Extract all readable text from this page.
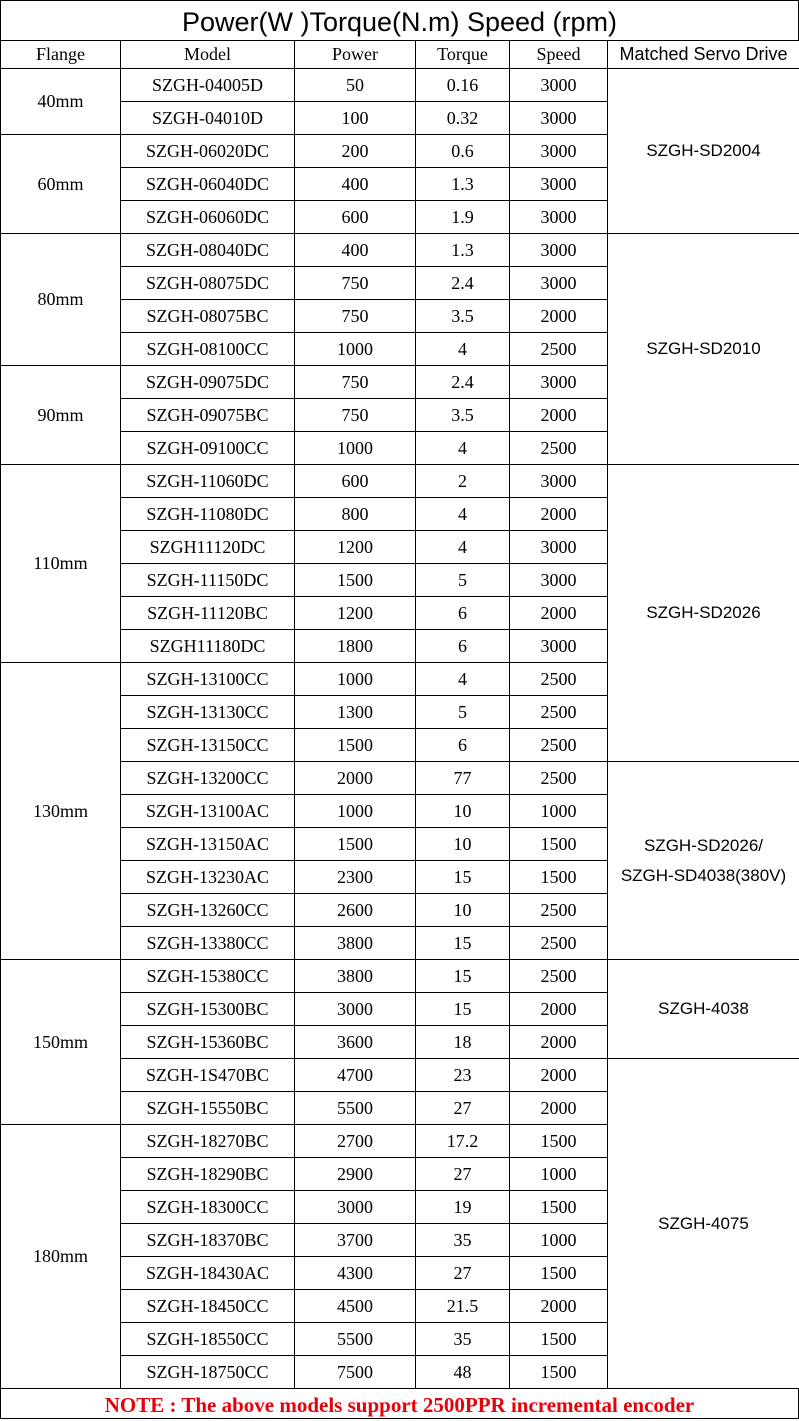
Power(W )Torque(N.m) Speed (rpm)
Flange	Model	Power	Torque	Speed	Matched Servo Drive
40mm	SZGH-04005D	50	0.16	3000	SZGH-SD2004
	SZGH-04010D	100	0.32	3000	
60mm	SZGH-06020DC	200	0.6	3000	
	SZGH-06040DC	400	1.3	3000	
	SZGH-06060DC	600	1.9	3000	
80mm	SZGH-08040DC	400	1.3	3000	SZGH-SD2010
	SZGH-08075DC	750	2.4	3000	
	SZGH-08075BC	750	3.5	2000	
	SZGH-08100CC	1000	4	2500	
90mm	SZGH-09075DC	750	2.4	3000	
	SZGH-09075BC	750	3.5	2000	
	SZGH-09100CC	1000	4	2500	
110mm	SZGH-11060DC	600	2	3000	SZGH-SD2026
	SZGH-11080DC	800	4	2000	
	SZGH11120DC	1200	4	3000	
	SZGH-11150DC	1500	5	3000	
	SZGH-11120BC	1200	6	2000	
	SZGH11180DC	1800	6	3000	
130mm	SZGH-13100CC	1000	4	2500	
	SZGH-13130CC	1300	5	2500	
	SZGH-13150CC	1500	6	2500	
	SZGH-13200CC	2000	77	2500	SZGH-SD2026/
SZGH-SD4038(380V)
	SZGH-13100AC	1000	10	1000	
	SZGH-13150AC	1500	10	1500	
	SZGH-13230AC	2300	15	1500	
	SZGH-13260CC	2600	10	2500	
	SZGH-13380CC	3800	15	2500	
150mm	SZGH-15380CC	3800	15	2500	SZGH-4038
	SZGH-15300BC	3000	15	2000	
	SZGH-15360BC	3600	18	2000	
	SZGH-1S470BC	4700	23	2000	SZGH-4075
	SZGH-15550BC	5500	27	2000	
180mm	SZGH-18270BC	2700	17.2	1500	
	SZGH-18290BC	2900	27	1000	
	SZGH-18300CC	3000	19	1500	
	SZGH-18370BC	3700	35	1000	
	SZGH-18430AC	4300	27	1500	
	SZGH-18450CC	4500	21.5	2000	
	SZGH-18550CC	5500	35	1500	
	SZGH-18750CC	7500	48	1500	
NOTE : The above models support 2500PPR incremental encoder
